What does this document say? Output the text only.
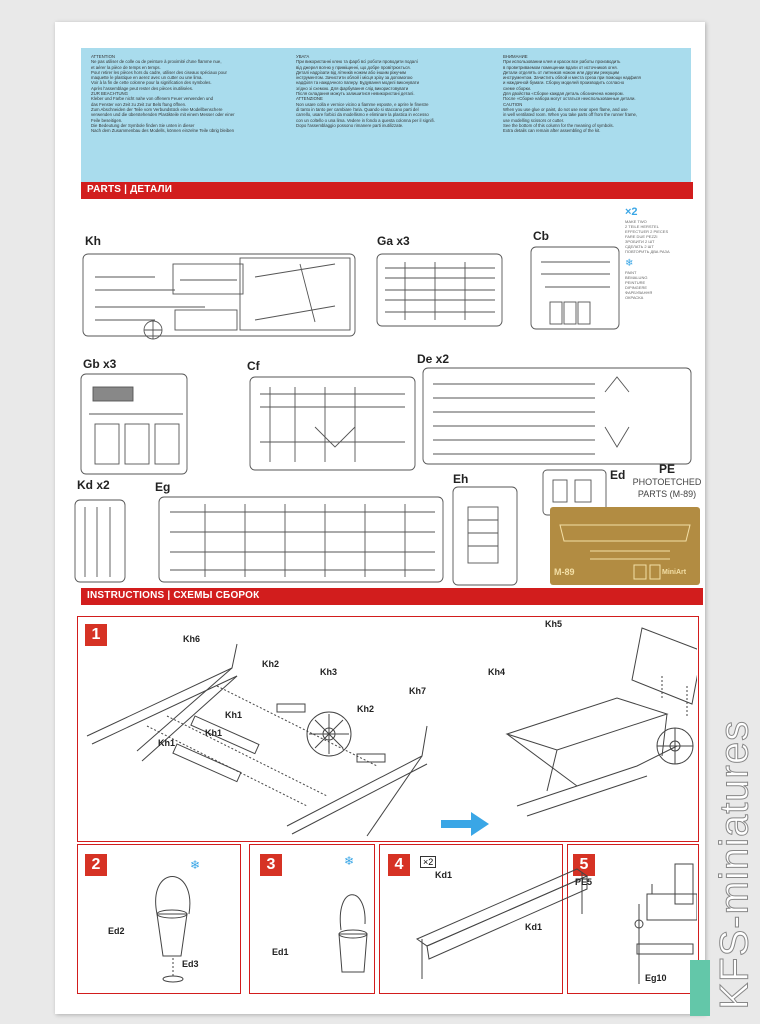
ATTENTION
Ne pas utiliser de colle ou de peinture à proximité d'une flamme nue,
et aérer la pièce de temps en temps.
Pour retirer les pièces hors du cadre, utiliser des ciseaux spéciaux pour
maquette le plastique en aerez avec un cutter ou une lima.
Voir à la fin de cette colonne pour la signification des symboles.
Après l'assemblage peut rester des pièces inutilisées.
ZUR BEACHTUNG
Kleber und Farbe nicht nahe von offenem Feuer verwenden und
das Fenster von Zeit zu Zeit zur Belü ftung öffnen.
Zum Abschneiden der Teile vom Verbundstück eine Modellbenschere
verwenden und die überstehenden Plastikteile mit einem Messer oder einer
Feile beseitigen.
Die Bedeutung der Symbole finden Sie unten in dieser
Nach dem Zusammenbau des Modells, können einzelne Teile übrig bleiben
УВАГА
При використанні клею та фарб всі роботи проводити подалі
від джерел вогню у приміщенні, що добре провітрюється.
Деталі надрізати від літників ножем або іншим ріжучим
інструментом. Зачистити облой і місця зрізу за допомогою
надфіля та наждачного паперу. Будування моделі виконувати
згідно зі схемою. Для фарбування слід використовувати
Після складання можуть залишитися невикористані деталі.
ATTENZIONE
Non usare colla e vernice vicino a fiamme esposte, e aprire le finestre
di tanto in tanto per cambiare l'aria. Quando si staccano parti del
carrello, usare forbici da modellismo e eliminare la plastica in eccesso
con un coltello o una lima. Vedere in fondo a questa colonna per il signifi.
Dopo l'assemblaggio possono rimanere parti inutilizzate.
ВНИМАНИЕ
При использовании клея и красок все работы производить
в проветриваемом помещении вдали от источников огня.
Детали отделять от литников ножом или другим режущим
инструментом. Зачистить облой и места среза при помощи надфиля
и наждачной бумаги. Сборку моделей производить согласно
схеме сборки.
Для двойства «Сборке каждая деталь обозначена номером.
После «Сборке набора могут остаться неиспользованные детали.
CAUTION
When you use glue or paint, do not use near open flame, and use
in well ventilated room. When you take parts off from the runner frame,
use modelling scissors or cutter.
See the bottom of this column for the meaning of symbols.
Extra details can remain after assembling of the kit.
PARTS | ДЕТАЛИ
Kh	Ga x3	Cb
Gb x3	Cf	De x2
Kd x2	Eg
Eh	Ed
×2
MAKE TWO
2 TEILE HERSTEL
EFFECTUER 2 PIECES
FARE DUE PEZZI
ЗРОБИТИ 2 ШТ
СДЕЛАТЬ 2 ШТ
ПОВТОРИТЬ ДВА РАЗА
❄
PAINT
BEMALUNG
PEINTURE
DIPINGERE
ФАРБУВАННЯ
ОКРАСКА
PE
PHOTOETCHED
PARTS (M-89)
M-89	MiniArt
INSTRUCTIONS | СХЕМЫ СБОРОК
1	Kh6
Kh2
Kh3
Kh7
Kh1
Kh1
Kh1
Kh2
Kh5
Kh4
2	3	4	×2	5
Ed2
Ed3
Ed1
Kd1
Kd1
PE5
Eg10
❄	❄	KFS-miniatures
